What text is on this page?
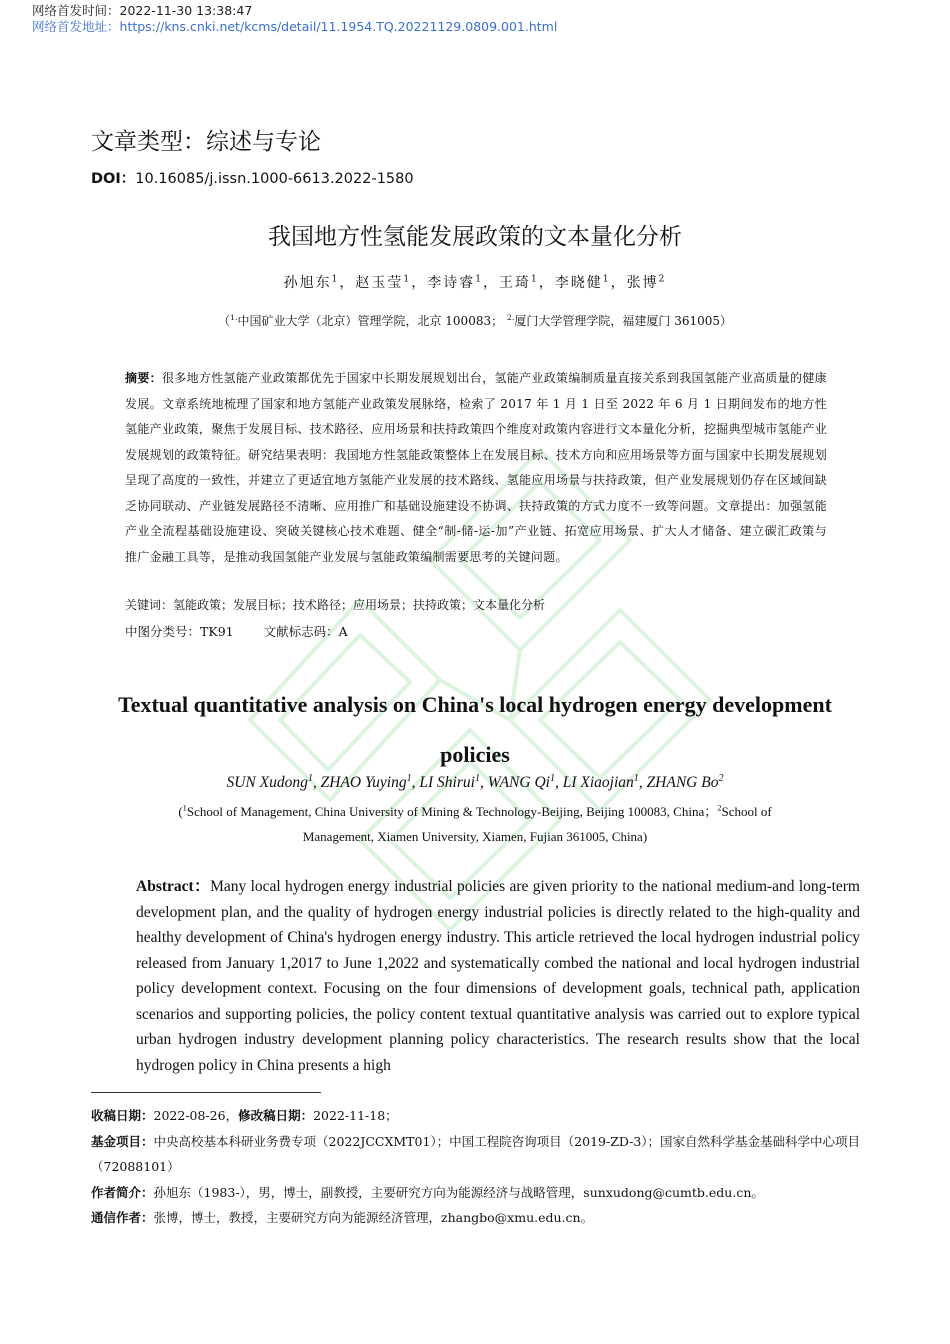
网络首发时间：2022-11-30 13:38:47
网络首发地址：https://kns.cnki.net/kcms/detail/11.1954.TQ.20221129.0809.001.html
文章类型：综述与专论
DOI：10.16085/j.issn.1000-6613.2022-1580
我国地方性氢能发展政策的文本量化分析
孙旭东$^1$，赵玉莹$^1$，李诗睿$^1$，王琦$^1$，李晓健$^1$，张博$^2$
（$^{1.}$中国矿业大学（北京）管理学院，北京 100083； $^{2.}$厦门大学管理学院，福建厦门 361005）
摘要：很多地方性氢能产业政策都优先于国家中长期发展规划出台，氢能产业政策编制质量直接关系到我国氢能产业高质量的健康发展。文章系统地梳理了国家和地方氢能产业政策发展脉络，检索了 2017 年 1 月 1 日至 2022 年 6 月 1 日期间发布的地方性氢能产业政策，聚焦于发展目标、技术路径、应用场景和扶持政策四个维度对政策内容进行文本量化分析，挖掘典型城市氢能产业发展规划的政策特征。研究结果表明：我国地方性氢能政策整体上在发展目标、技术方向和应用场景等方面与国家中长期发展规划呈现了高度的一致性，并建立了更适宜地方氢能产业发展的技术路线、氢能应用场景与扶持政策，但产业发展规划仍存在区域间缺乏协同联动、产业链发展路径不清晰、应用推广和基础设施建设不协调、扶持政策的方式力度不一致等问题。文章提出：加强氢能产业全流程基础设施建设、突破关键核心技术难题、健全“制-储-运-加”产业链、拓宽应用场景、扩大人才储备、建立碳汇政策与推广金融工具等，是推动我国氢能产业发展与氢能政策编制需要思考的关键问题。
关键词：氢能政策；发展目标；技术路径；应用场景；扶持政策；文本量化分析
中图分类号：TK91 文献标志码：A
Textual quantitative analysis on China's local hydrogen energy development policies
SUN Xudong$^1$, ZHAO Yuying$^1$, LI Shirui$^1$, WANG Qi$^1$, LI Xiaojian$^1$, ZHANG Bo$^2$
($^1$School of Management, China University of Mining & Technology-Beijing, Beijing 100083, China；$^2$School of Management, Xiamen University, Xiamen, Fujian 361005, China)
Abstract：Many local hydrogen energy industrial policies are given priority to the national medium-and long-term development plan, and the quality of hydrogen energy industrial policies is directly related to the high-quality and healthy development of China's hydrogen energy industry. This article retrieved the local hydrogen industrial policy released from January 1,2017 to June 1,2022 and systematically combed the national and local hydrogen industrial policy development context. Focusing on the four dimensions of development goals, technical path, application scenarios and supporting policies, the policy content textual quantitative analysis was carried out to explore typical urban hydrogen industry development planning policy characteristics. The research results show that the local hydrogen policy in China presents a high

收稿日期：2022-08-26，修改稿日期：2022-11-18；

基金项目：中央高校基本科研业务费专项（2022JCCXMT01）；中国工程院咨询项目（2019-ZD-3）；国家自然科学基金基础科学中心项目（72088101）

作者简介：孙旭东（1983-），男，博士，副教授，主要研究方向为能源经济与战略管理，sunxudong@cumtb.edu.cn。

通信作者：张博，博士，教授，主要研究方向为能源经济管理，zhangbo@xmu.edu.cn。
